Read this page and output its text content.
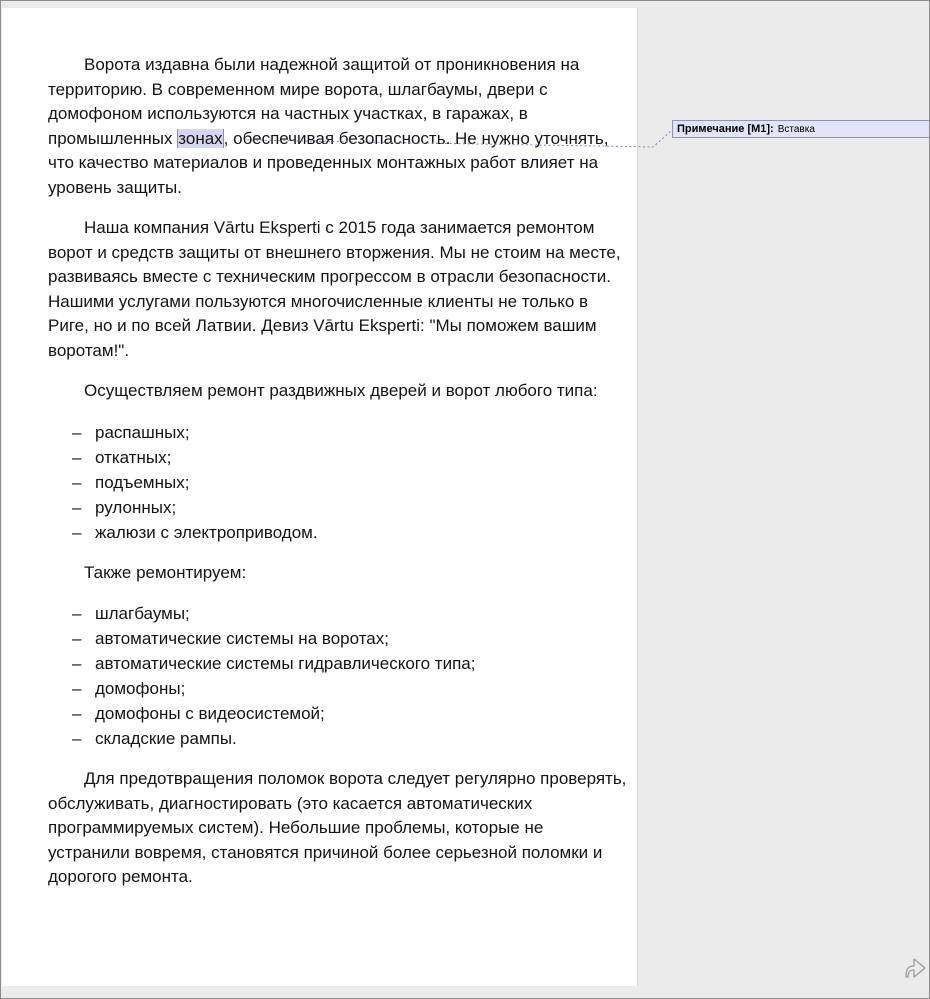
Ворота издавна были надежной защитой от проникновения на территорию. В современном мире ворота, шлагбаумы, двери с домофоном используются на частных участках, в гаражах, в промышленных зонах, обеспечивая безопасность. Не нужно уточнять, что качество материалов и проведенных монтажных работ влияет на уровень защиты.

Наша компания Vārtu Eksperti с 2015 года занимается ремонтом ворот и средств защиты от внешнего вторжения. Мы не стоим на месте, развиваясь вместе с техническим прогрессом в отрасли безопасности. Нашими услугами пользуются многочисленные клиенты не только в Риге, но и по всей Латвии. Девиз Vārtu Eksperti: "Мы поможем вашим воротам!".

Осуществляем ремонт раздвижных дверей и ворот любого типа:

– распашных;
– откатных;
– подъемных;
– рулонных;
– жалюзи с электроприводом.

Также ремонтируем:

– шлагбаумы;
– автоматические системы на воротах;
– автоматические системы гидравлического типа;
– домофоны;
– домофоны с видеосистемой;
– складские рампы.

Для предотвращения поломок ворота следует регулярно проверять, обслуживать, диагностировать (это касается автоматических программируемых систем). Небольшие проблемы, которые не устранили вовремя, становятся причиной более серьезной поломки и дорогого ремонта.

Примечание [M1]: Вставка
